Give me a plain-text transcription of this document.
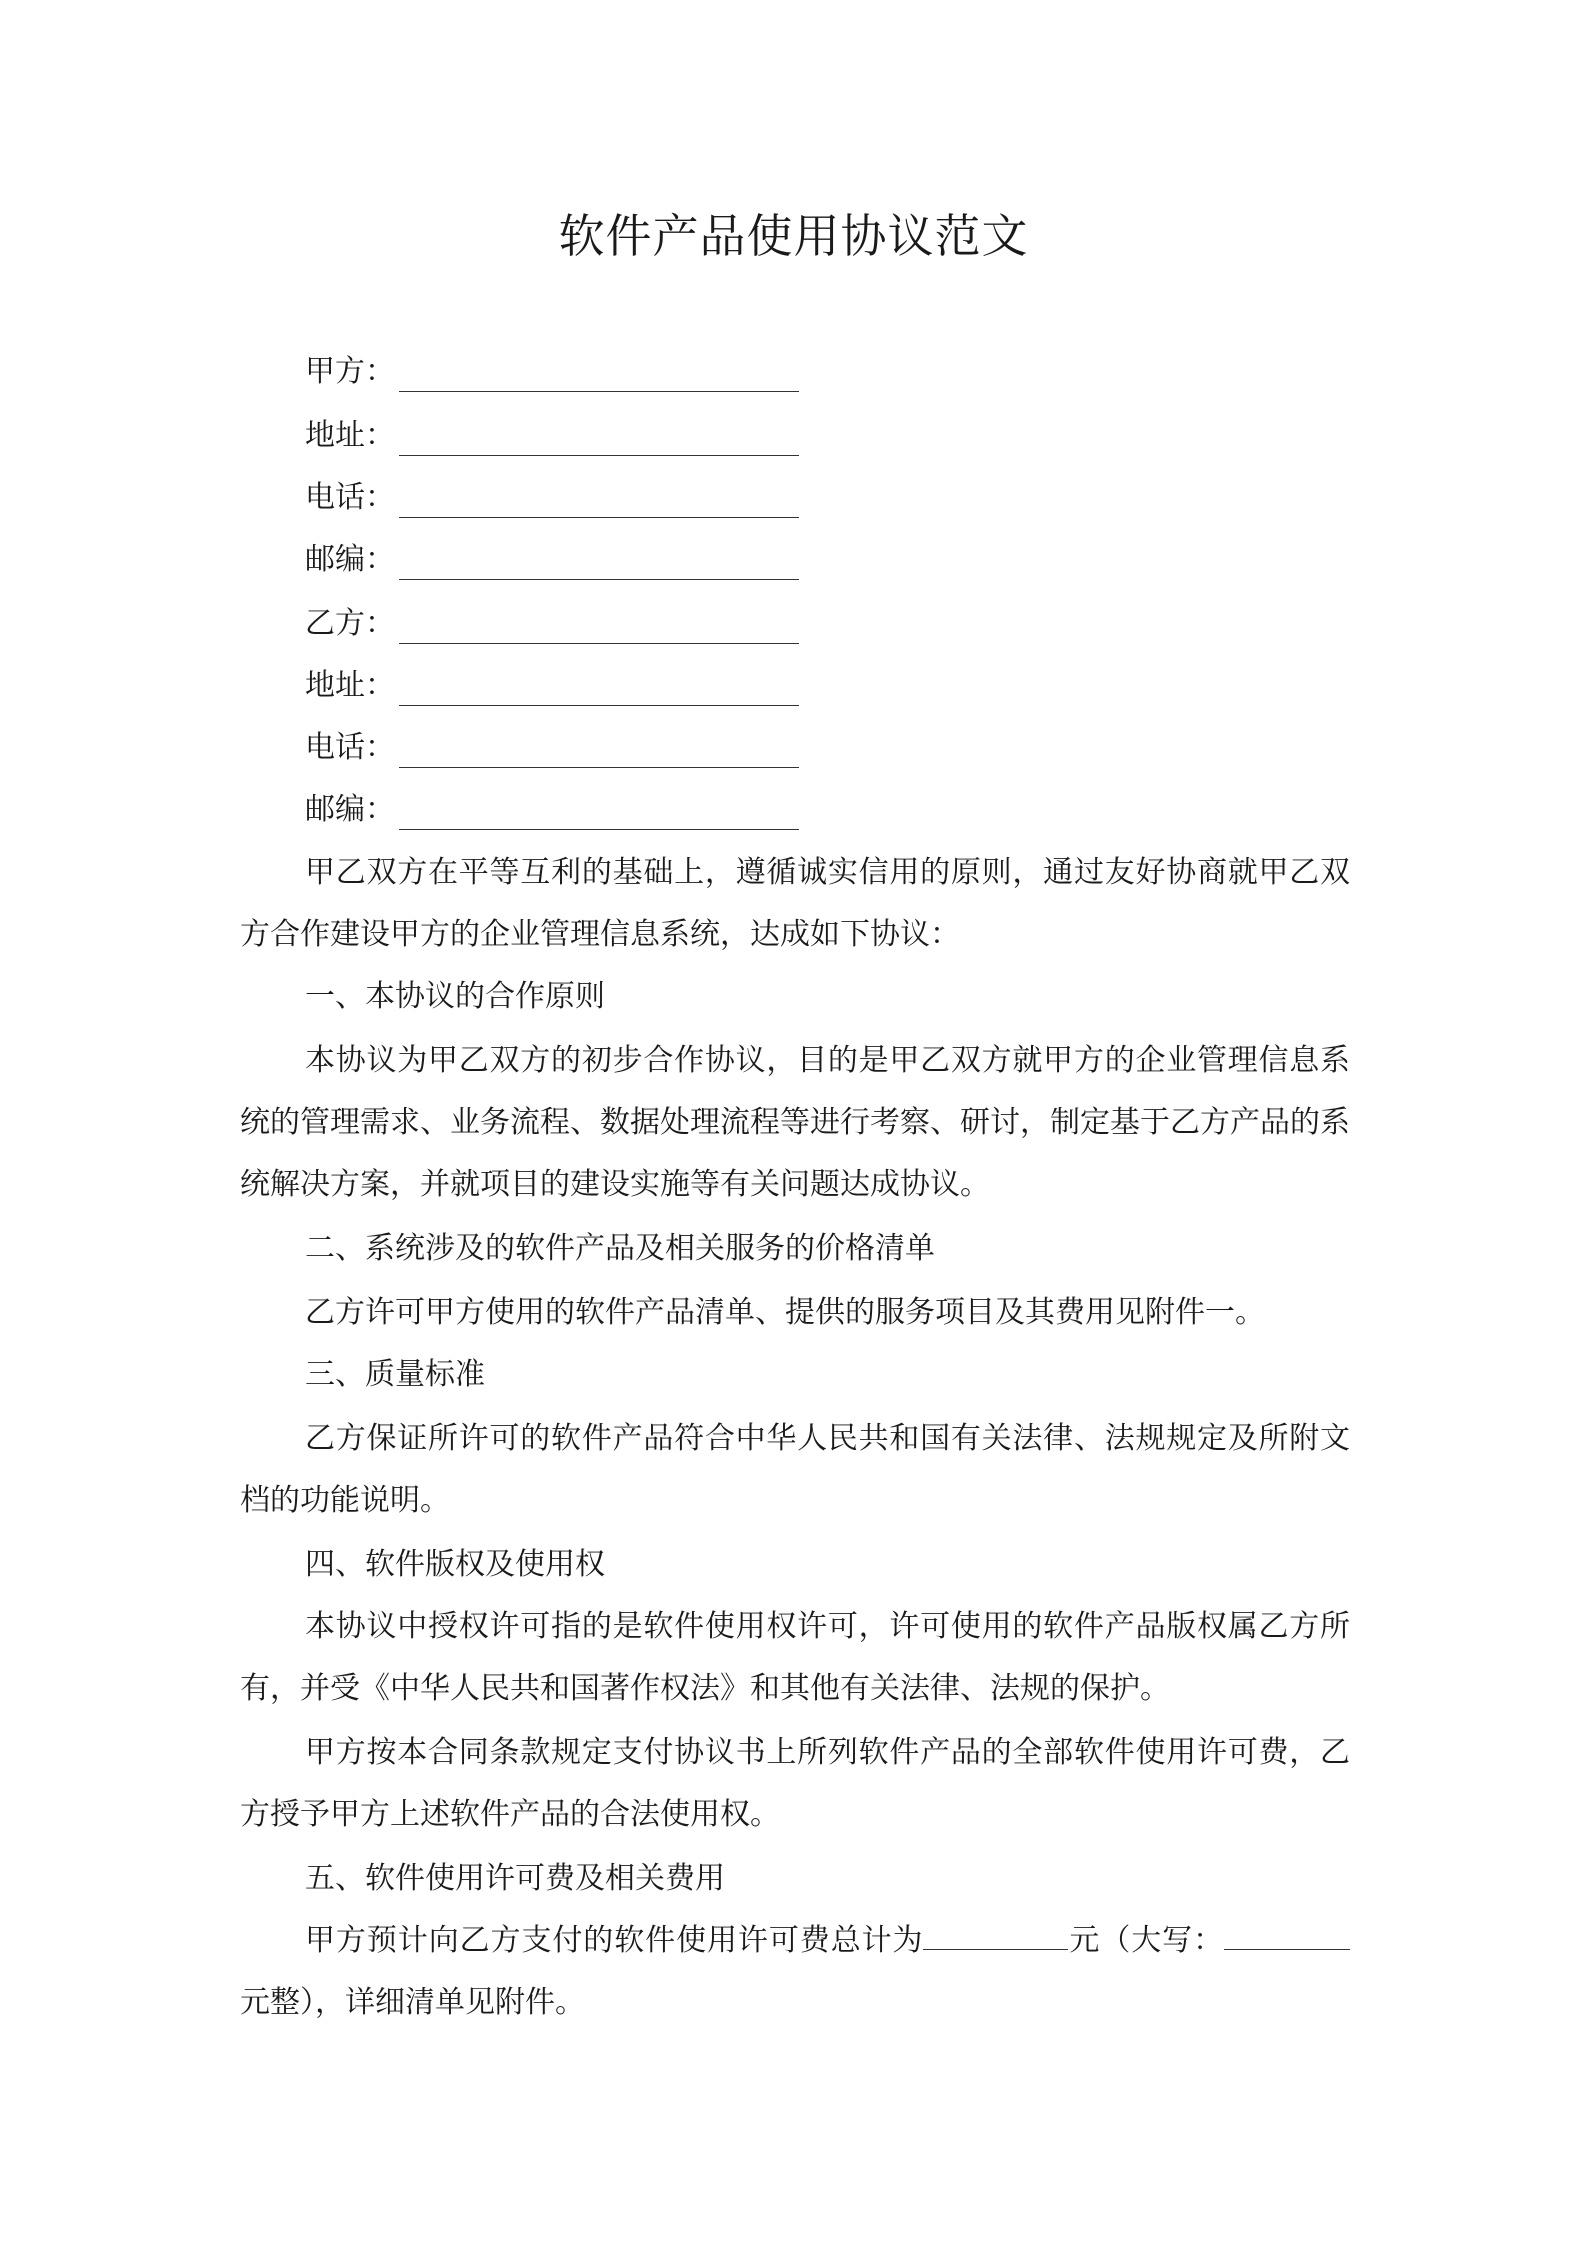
软件产品使用协议范文
甲方：
地址：
电话：
邮编：
乙方：
地址：
电话：
邮编：

甲乙双方在平等互利的基础上，遵循诚实信用的原则，通过友好协商就甲乙双方合作建设甲方的企业管理信息系统，达成如下协议：

一、本协议的合作原则

本协议为甲乙双方的初步合作协议，目的是甲乙双方就甲方的企业管理信息系统的管理需求、业务流程、数据处理流程等进行考察、研讨，制定基于乙方产品的系统解决方案，并就项目的建设实施等有关问题达成协议。

二、系统涉及的软件产品及相关服务的价格清单

乙方许可甲方使用的软件产品清单、提供的服务项目及其费用见附件一。

三、质量标准

乙方保证所许可的软件产品符合中华人民共和国有关法律、法规规定及所附文档的功能说明。

四、软件版权及使用权

本协议中授权许可指的是软件使用权许可，许可使用的软件产品版权属乙方所有，并受《中华人民共和国著作权法》和其他有关法律、法规的保护。

甲方按本合同条款规定支付协议书上所列软件产品的全部软件使用许可费，乙方授予甲方上述软件产品的合法使用权。

五、软件使用许可费及相关费用

甲方预计向乙方支付的软件使用许可费总计为	元（大写：元整），详细清单见附件。
